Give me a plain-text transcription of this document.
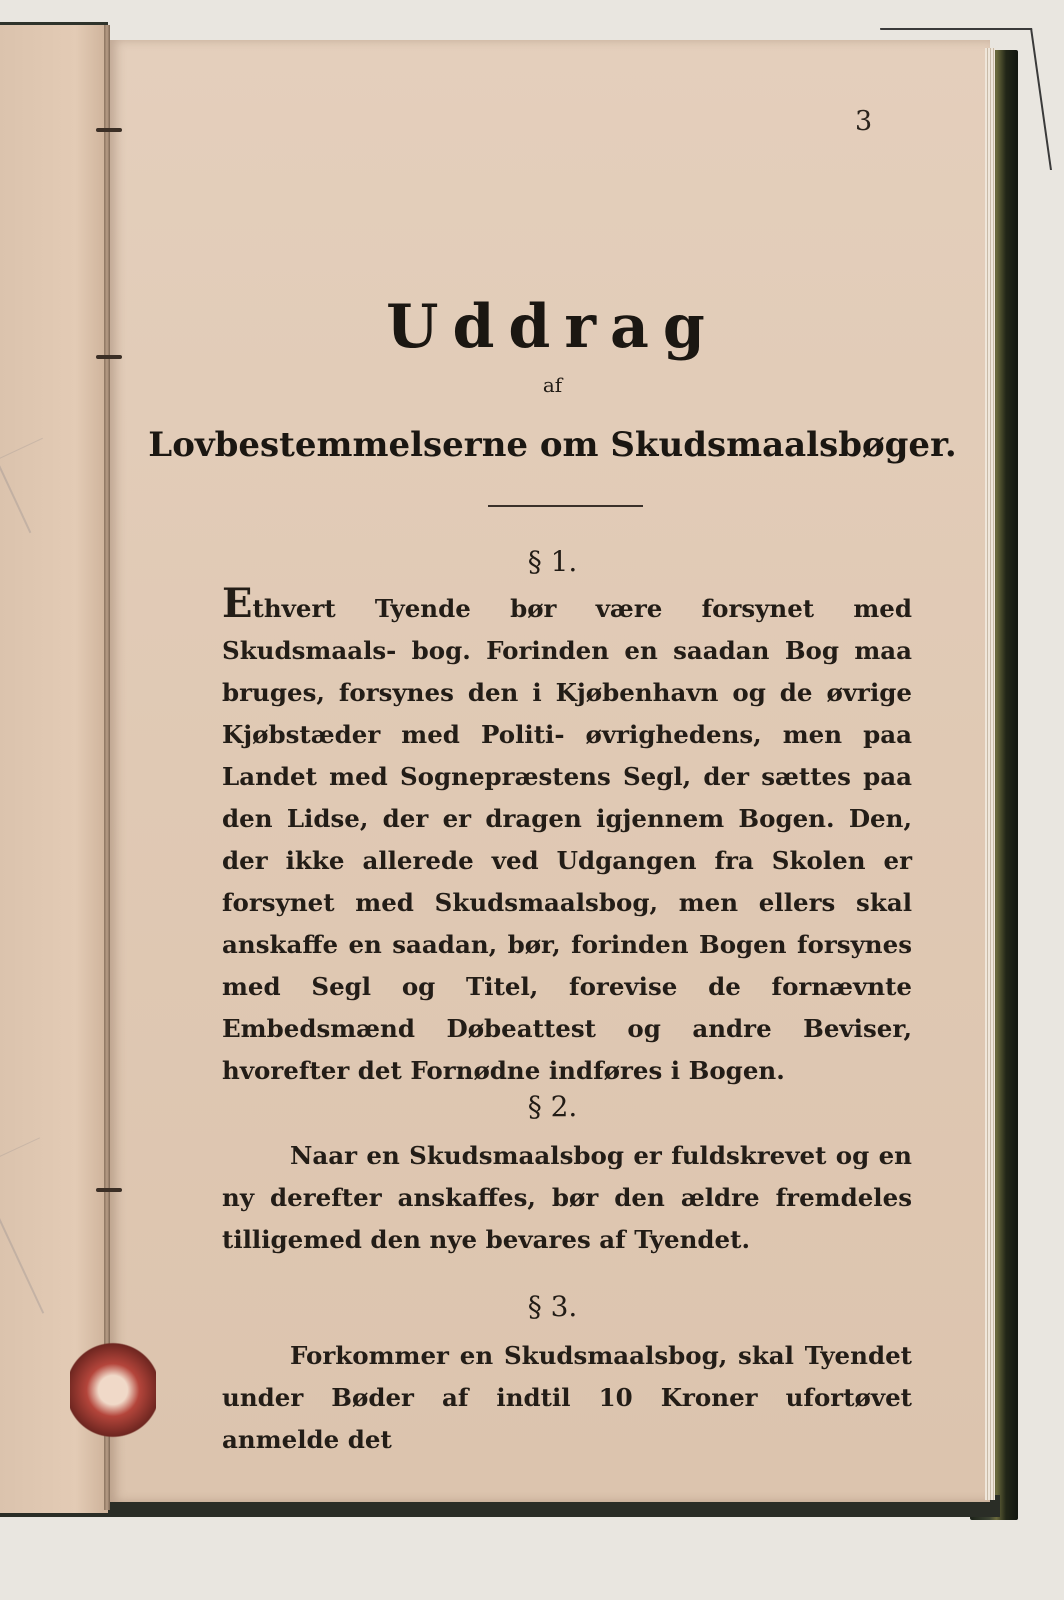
3
Uddrag
af
Lovbestemmelserne om Skudsmaalsbøger.
§ 1.
Ethvert Tyende bør være forsynet med Skudsmaals- bog. Forinden en saadan Bog maa bruges, forsynes den i Kjøbenhavn og de øvrige Kjøbstæder med Politi- øvrighedens, men paa Landet med Sognepræstens Segl, der sættes paa den Lidse, der er dragen igjennem Bogen. Den, der ikke allerede ved Udgangen fra Skolen er forsynet med Skudsmaalsbog, men ellers skal anskaffe en saadan, bør, forinden Bogen forsynes med Segl og Titel, forevise de fornævnte Embedsmænd Døbeattest og andre Beviser, hvorefter det Fornødne indføres i Bogen.
§ 2.
Naar en Skudsmaalsbog er fuldskrevet og en ny derefter anskaffes, bør den ældre fremdeles tilligemed den nye bevares af Tyendet.
§ 3.
Forkommer en Skudsmaalsbog, skal Tyendet under Bøder af indtil 10 Kroner ufortøvet anmelde det
